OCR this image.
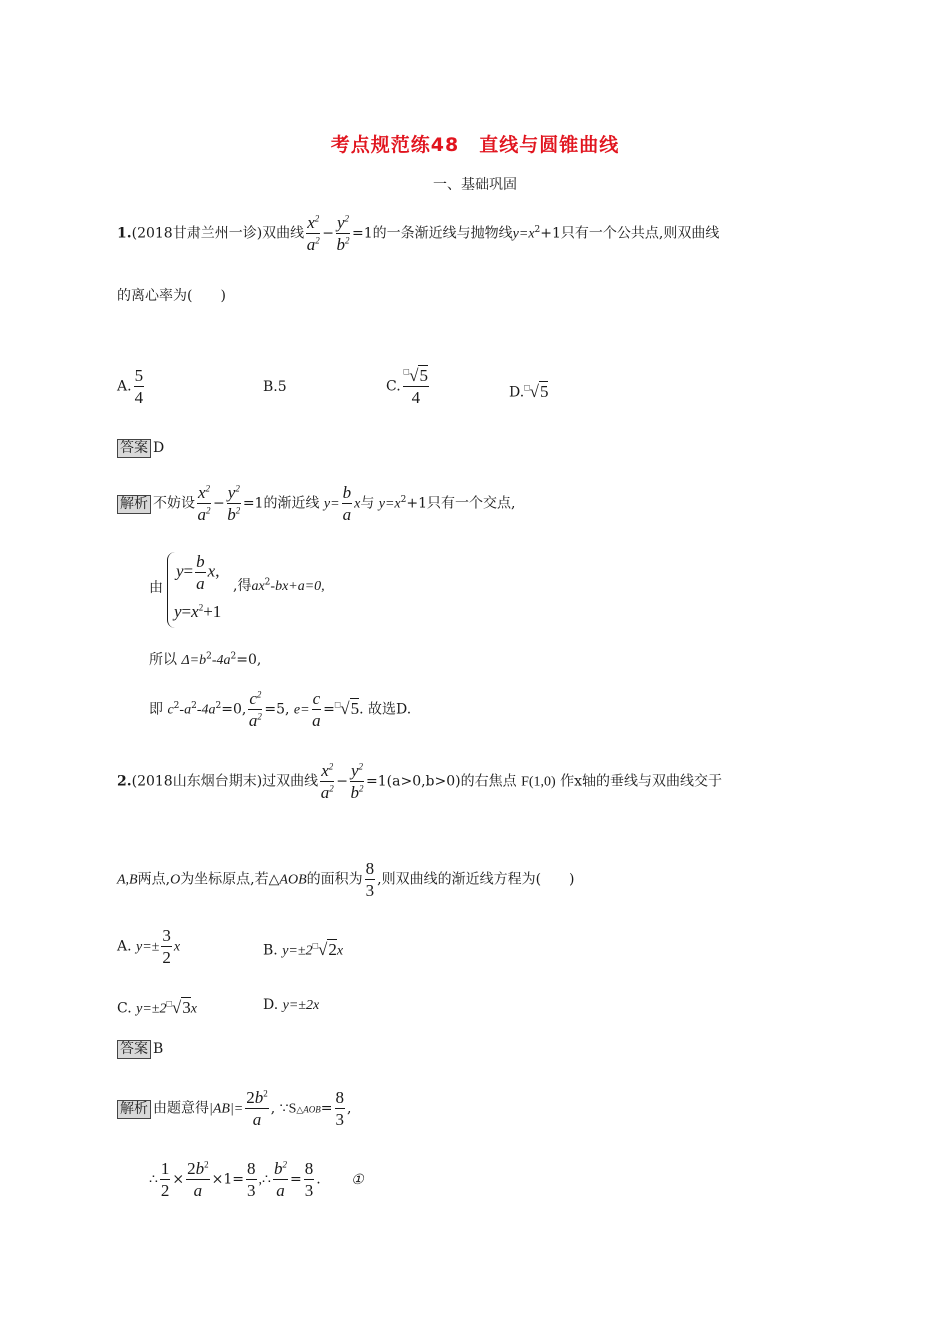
考点规范练48　直线与圆锥曲线
一、基础巩固
1.(2018甘肃兰州一诊)双曲线 $\frac{x^2}{a^2} - \frac{y^2}{b^2} =1$的一条渐近线与抛物线$y=x^2+1$只有一个公共点,则双曲线
的离心率为(　　)
A. $\frac{5}{4}$	B.5	C. $\frac{^□√5}{4}$	D.□√5
答案 D
解析 不妨设 $\frac{x^2}{a^2} - \frac{y^2}{b^2} =1$的渐近线 $y= \frac{b}{a}$ x与 $y=x^2+1$只有一个交点,
由
$y= \frac{b}{a} x$,
,得$ax^2-bx+a=0$,
$y=x^2+1$
所以 $\Delta=b^2-4a^2=0$,
即 $c^2-a^2-4a^2=0$, $\frac{c^2}{a^2} =5$, $e= \frac{c}{a} =^□√5$. 故选D.
2.(2018山东烟台期末)过双曲线 $\frac{x^2}{a^2} - \frac{y^2}{b^2} =1(a>0,b>0)$的右焦点 F(1,0) 作x轴的垂线与双曲线交于
A,B两点,O为坐标原点,若△AOB的面积为 $\frac{8}{3}$ ,则双曲线的渐近线方程为(　　)
A. $y=\pm \frac{3}{2}$ x	B. y=±2□√2x
C. y=±2□√3x	D. y=±2x
答案 B
解析 由题意得$|AB|= \frac{2b^2}{a}$ , ∵S△AOB= $\frac{8}{3}$ ,
∴ $\frac{1}{2} \times \frac{2b^2}{a} \times 1= \frac{8}{3}$ ,∴ $\frac{b^2}{a} = \frac{8}{3}$ . ①
